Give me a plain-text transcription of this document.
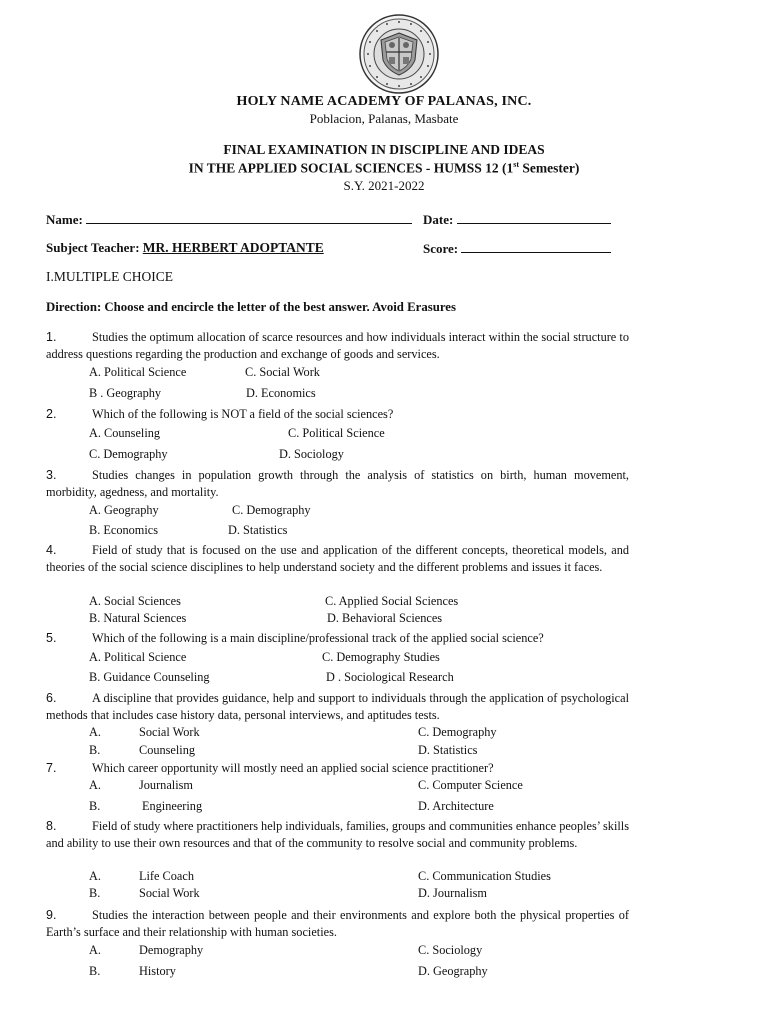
HOLY NAME ACADEMY OF PALANAS, INC.
Poblacion, Palanas, Masbate
FINAL EXAMINATION IN DISCIPLINE AND IDEAS
IN THE APPLIED SOCIAL SCIENCES - HUMSS 12 (1st Semester)
S.Y. 2021-2022
Name:	Date:
Subject Teacher: MR. HERBERT ADOPTANTE	Score:
I.MULTIPLE CHOICE
Direction: Choose and encircle the letter of the best answer. Avoid Erasures
1.	Studies the optimum allocation of scarce resources and how individuals interact within the social structure to address questions regarding the production and exchange of goods and services.
A. Political Science	C. Social Work
B . Geography	D. Economics
2.	Which of the following is NOT a field of the social sciences?
A. Counseling	C. Political Science
C. Demography	D. Sociology
3.	Studies changes in population growth through the analysis of statistics on birth, human movement, morbidity, agedness, and mortality.
A. Geography	C. Demography
B. Economics	D. Statistics
4.	Field of study that is focused on the use and application of the different concepts, theoretical models, and theories of the social science disciplines to help understand society and the different problems and issues it faces.
A. Social Sciences	C. Applied Social Sciences
B. Natural Sciences	D. Behavioral Sciences
5.	Which of the following is a main discipline/professional track of the applied social science?
A. Political Science	C. Demography Studies
B. Guidance Counseling	D . Sociological Research
6.	A discipline that provides guidance, help and support to individuals through the application of psychological methods that includes case history data, personal interviews, and aptitudes tests.
A.	Social Work	C. Demography
B.	Counseling	D. Statistics
7.	Which career opportunity will mostly need an applied social science practitioner?
A.	Journalism	C. Computer Science
B.	Engineering	D. Architecture
8.	Field of study where practitioners help individuals, families, groups and communities enhance peoples’ skills and ability to use their own resources and that of the community to resolve social and community problems.
A.	Life Coach	C. Communication Studies
B.	Social Work	D. Journalism
9.	Studies the interaction between people and their environments and explore both the physical properties of Earth’s surface and their relationship with human societies.
A.	Demography	C. Sociology
B.	History	D. Geography
